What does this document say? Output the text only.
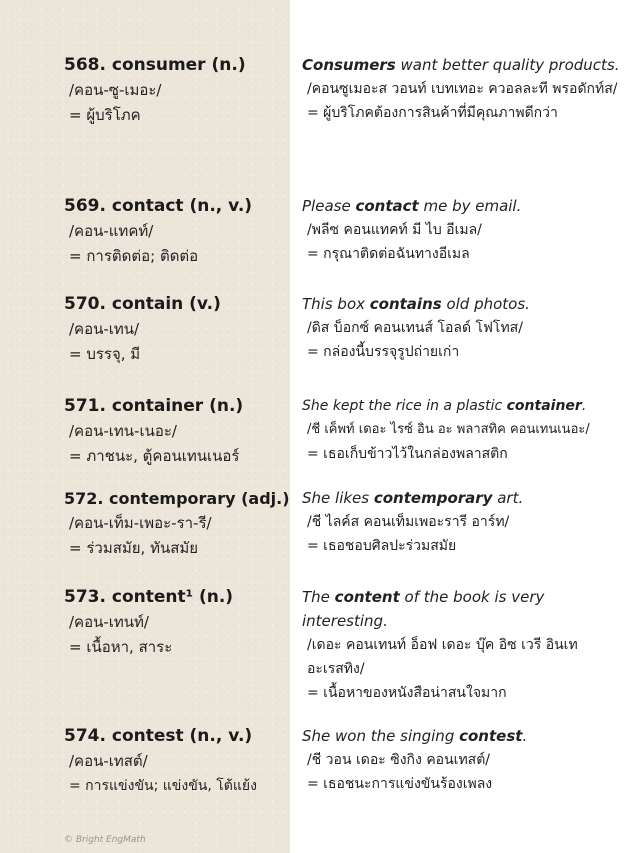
568. consumer (n.)
/คอน-ซู-เมอะ/
= ผู้บริโภค
Consumers want better quality products.
/คอนซูเมอะส วอนท์ เบทเทอะ ควอลละที พรอดักท์ส/
= ผู้บริโภคต้องการสินค้าที่มีคุณภาพดีกว่า
569. contact (n., v.)
/คอน-แทคท์/
= การติดต่อ; ติดต่อ
Please contact me by email.
/พลีซ คอนแทคท์ มี ไบ อีเมล/
= กรุณาติดต่อฉันทางอีเมล
570. contain (v.)
/คอน-เทน/
= บรรจุ, มี
This box contains old photos.
/ดิส บ็อกซ์ คอนเทนส์ โอลด์ โฟโทส/
= กล่องนี้บรรจุรูปถ่ายเก่า
571. container (n.)
/คอน-เทน-เนอะ/
= ภาชนะ, ตู้คอนเทนเนอร์
She kept the rice in a plastic container.
/ชี เค็พท์ เดอะ ไรซ์ อิน อะ พลาสทิค คอนเทนเนอะ/
= เธอเก็บข้าวไว้ในกล่องพลาสติก
572. contemporary (adj.)
/คอน-เท็ม-เพอะ-รา-รี/
= ร่วมสมัย, ทันสมัย
She likes contemporary art.
/ชี ไลค์ส คอนเท็มเพอะรารี อาร์ท/
= เธอชอบศิลปะร่วมสมัย
573. content¹ (n.)
/คอน-เทนท์/
= เนื้อหา, สาระ
The content of the book is very interesting.
/เดอะ คอนเทนท์ อ็อฟ เดอะ บุ๊ค อิซ เวรี อินเทอะเรสทิง/
= เนื้อหาของหนังสือน่าสนใจมาก
574. contest (n., v.)
/คอน-เทสต์/
= การแข่งขัน; แข่งขัน, โต้แย้ง
She won the singing contest.
/ชี วอน เดอะ ซิงกิง คอนเทสต์/
= เธอชนะการแข่งขันร้องเพลง
© Bright EngMath
